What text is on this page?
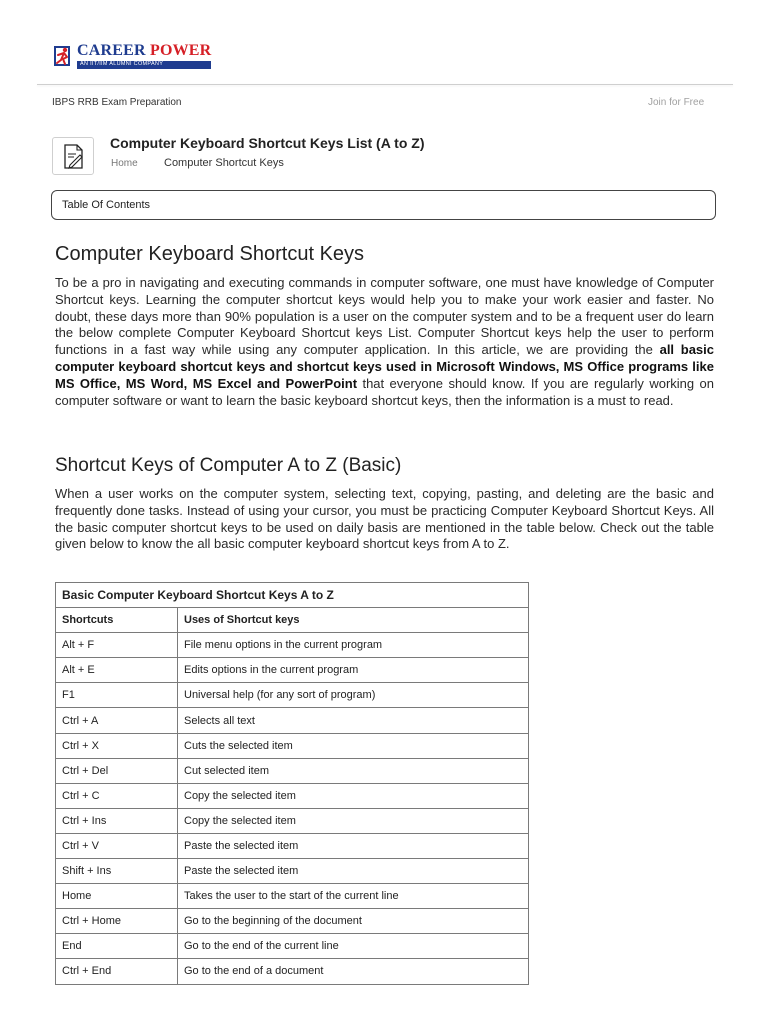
CAREER POWER
AN IIT/IIM ALUMNI COMPANY
IBPS RRB Exam Preparation	Join for Free
Computer Keyboard Shortcut Keys List (A to Z)
Home Computer Shortcut Keys
Table Of Contents
Computer Keyboard Shortcut Keys
To be a pro in navigating and executing commands in computer software, one must have knowledge of Computer Shortcut keys. Learning the computer shortcut keys would help you to make your work easier and faster. No doubt, these days more than 90% population is a user on the computer system and to be a frequent user do learn the below complete Computer Keyboard Shortcut keys List. Computer Shortcut keys help the user to perform functions in a fast way while using any computer application. In this article, we are providing the all basic computer keyboard shortcut keys and shortcut keys used in Microsoft Windows, MS Office programs like MS Office, MS Word, MS Excel and PowerPoint that everyone should know. If you are regularly working on computer software or want to learn the basic keyboard shortcut keys, then the information is a must to read.
Shortcut Keys of Computer A to Z (Basic)
When a user works on the computer system, selecting text, copying, pasting, and deleting are the basic and frequently done tasks. Instead of using your cursor, you must be practicing Computer Keyboard Shortcut Keys. All the basic computer shortcut keys to be used on daily basis are mentioned in the table below. Check out the table given below to know the all basic computer keyboard shortcut keys from A to Z.
Basic Computer Keyboard Shortcut Keys A to Z	
Shortcuts	Uses of Shortcut keys
Alt + F	File menu options in the current program
Alt + E	Edits options in the current program
F1	Universal help (for any sort of program)
Ctrl + A	Selects all text
Ctrl + X	Cuts the selected item
Ctrl + Del	Cut selected item
Ctrl + C	Copy the selected item
Ctrl + Ins	Copy the selected item
Ctrl + V	Paste the selected item
Shift + Ins	Paste the selected item
Home	Takes the user to the start of the current line
Ctrl + Home	Go to the beginning of the document
End	Go to the end of the current line
Ctrl + End	Go to the end of a document
